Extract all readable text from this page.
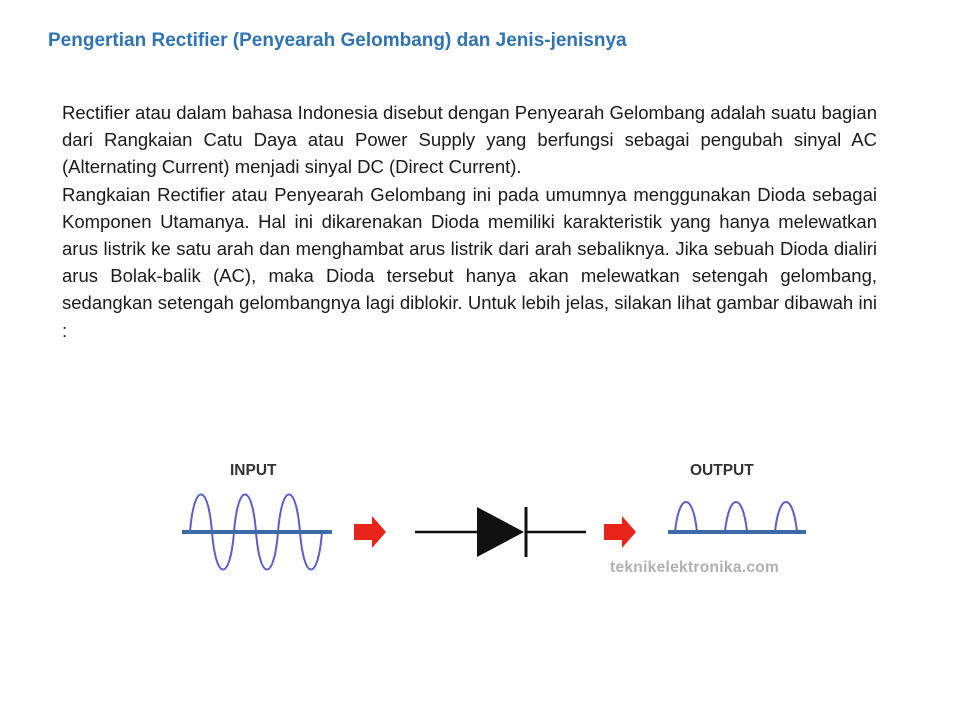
Pengertian Rectifier (Penyearah Gelombang) dan Jenis-jenisnya

Rectifier atau dalam bahasa Indonesia disebut dengan Penyearah Gelombang adalah suatu bagian dari Rangkaian Catu Daya atau Power Supply yang berfungsi sebagai pengubah sinyal AC (Alternating Current) menjadi sinyal DC (Direct Current).

Rangkaian Rectifier atau Penyearah Gelombang ini pada umumnya menggunakan Dioda sebagai Komponen Utamanya. Hal ini dikarenakan Dioda memiliki karakteristik yang hanya melewatkan arus listrik ke satu arah dan menghambat arus listrik dari arah sebaliknya. Jika sebuah Dioda dialiri arus Bolak-balik (AC), maka Dioda tersebut hanya akan melewatkan setengah gelombang, sedangkan setengah gelombangnya lagi diblokir. Untuk lebih jelas, silakan lihat gambar dibawah ini :

INPUT	OUTPUT
teknikelektronika.com
